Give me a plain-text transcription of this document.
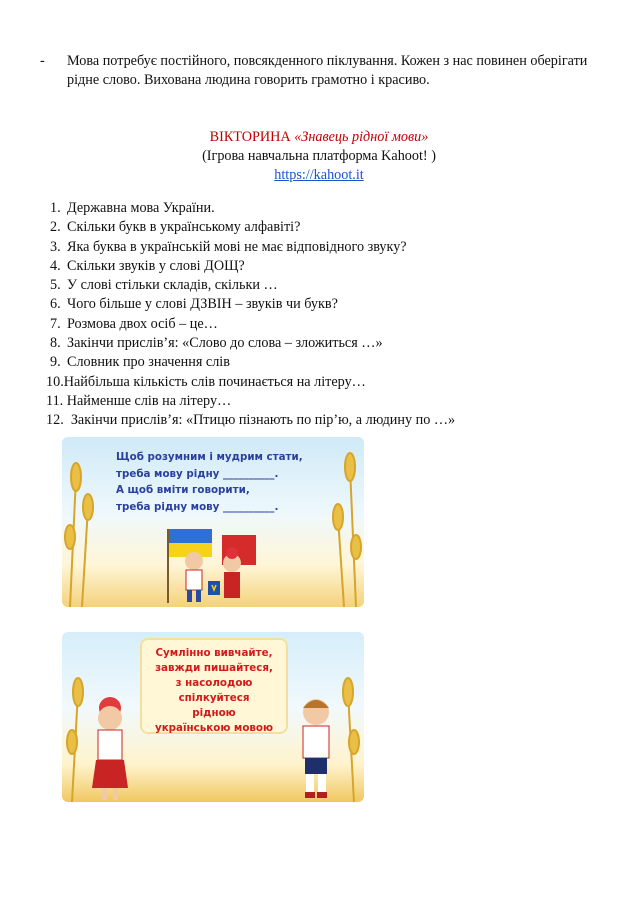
- Мова потребує постійного, повсякденного піклування. Кожен з нас повинен оберігати рідне слово. Вихована людина говорить грамотно і красиво.
ВІКТОРИНА «Знавець рідної мови»
(Ігрова навчальна платформа Kahoot! )
https://kahoot.it
1. Державна мова України.
2. Скільки букв в українському алфавіті?
3. Яка буква в українській мові не має відповідного звуку?
4. Скільки звуків у слові ДОЩ?
5. У слові стільки складів, скільки …
6. Чого більше у слові ДЗВІН – звуків чи букв?
7. Розмова двох осіб – це…
8. Закінчи прислів’я: «Слово до слова – зложиться …»
9. Словник про значення слів
10.Найбільша кількість слів починається на літеру…
11. Найменше слів на літеру…
12.  Закінчи прислів’я: «Птицю пізнають по пір’ю, а людину по …»
Щоб розумним і мудрим стати,
треба мову рідну __________.
А щоб вміти говорити,
треба рідну мову __________.
Сумлінно вивчайте,
завжди пишайтеся,
з насолодою спілкуйтеся
рідною
українською мовою
